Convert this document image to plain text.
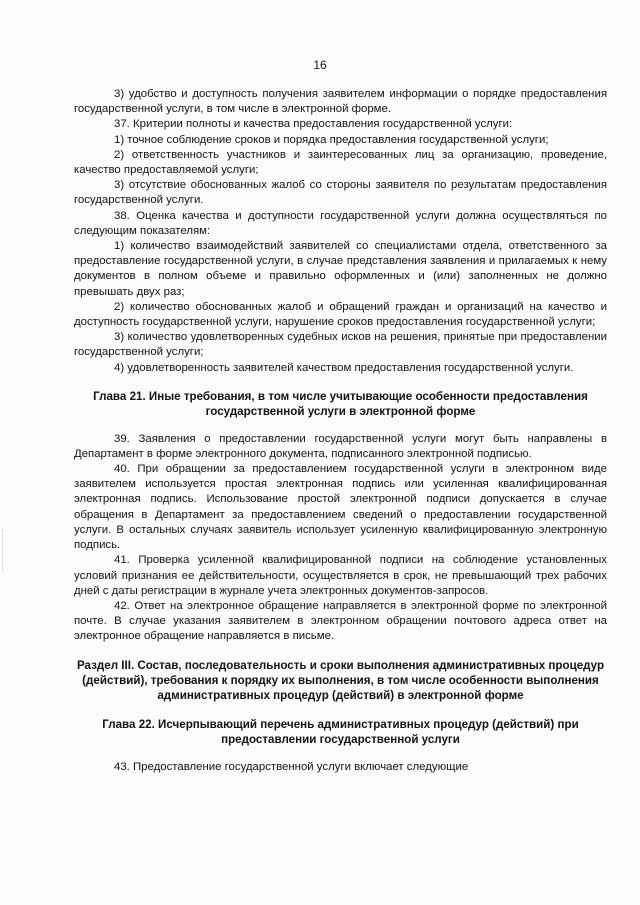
16

3) удобство и доступность получения заявителем информации о порядке предоставления государственной услуги, в том числе в электронной форме.

37. Критерии полноты и качества предоставления государственной услуги:

1) точное соблюдение сроков и порядка предоставления государственной услуги;

2) ответственность участников и заинтересованных лиц за организацию, проведение, качество предоставляемой услуги;

3) отсутствие обоснованных жалоб со стороны заявителя по результатам предоставления государственной услуги.

38. Оценка качества и доступности государственной услуги должна осуществляться по следующим показателям:

1) количество взаимодействий заявителей со специалистами отдела, ответственного за предоставление государственной услуги, в случае представления заявления и прилагаемых к нему документов в полном объеме и правильно оформленных и (или) заполненных не должно превышать двух раз;

2) количество обоснованных жалоб и обращений граждан и организаций на качество и доступность государственной услуги, нарушение сроков предоставления государственной услуги;

3) количество удовлетворенных судебных исков на решения, принятые при предоставлении государственной услуги;

4) удовлетворенность заявителей качеством предоставления государственной услуги.

Глава 21. Иные требования, в том числе учитывающие особенности предоставления государственной услуги в электронной форме

39. Заявления о предоставлении государственной услуги могут быть направлены в Департамент в форме электронного документа, подписанного электронной подписью.

40. При обращении за предоставлением государственной услуги в электронном виде заявителем используется простая электронная подпись или усиленная квалифицированная электронная подпись. Использование простой электронной подписи допускается в случае обращения в Департамент за предоставлением сведений о предоставлении государственной услуги. В остальных случаях заявитель использует усиленную квалифицированную электронную подпись.

41. Проверка усиленной квалифицированной подписи на соблюдение установленных условий признания ее действительности, осуществляется в срок, не превышающий трех рабочих дней с даты регистрации в журнале учета электронных документов-запросов.

42. Ответ на электронное обращение направляется в электронной форме по электронной почте. В случае указания заявителем в электронном обращении почтового адреса ответ на электронное обращение направляется в письме.

Раздел III. Состав, последовательность и сроки выполнения административных процедур (действий), требования к порядку их выполнения, в том числе особенности выполнения административных процедур (действий) в электронной форме

Глава 22. Исчерпывающий перечень административных процедур (действий) при предоставлении государственной услуги

43. Предоставление государственной услуги включает следующие
